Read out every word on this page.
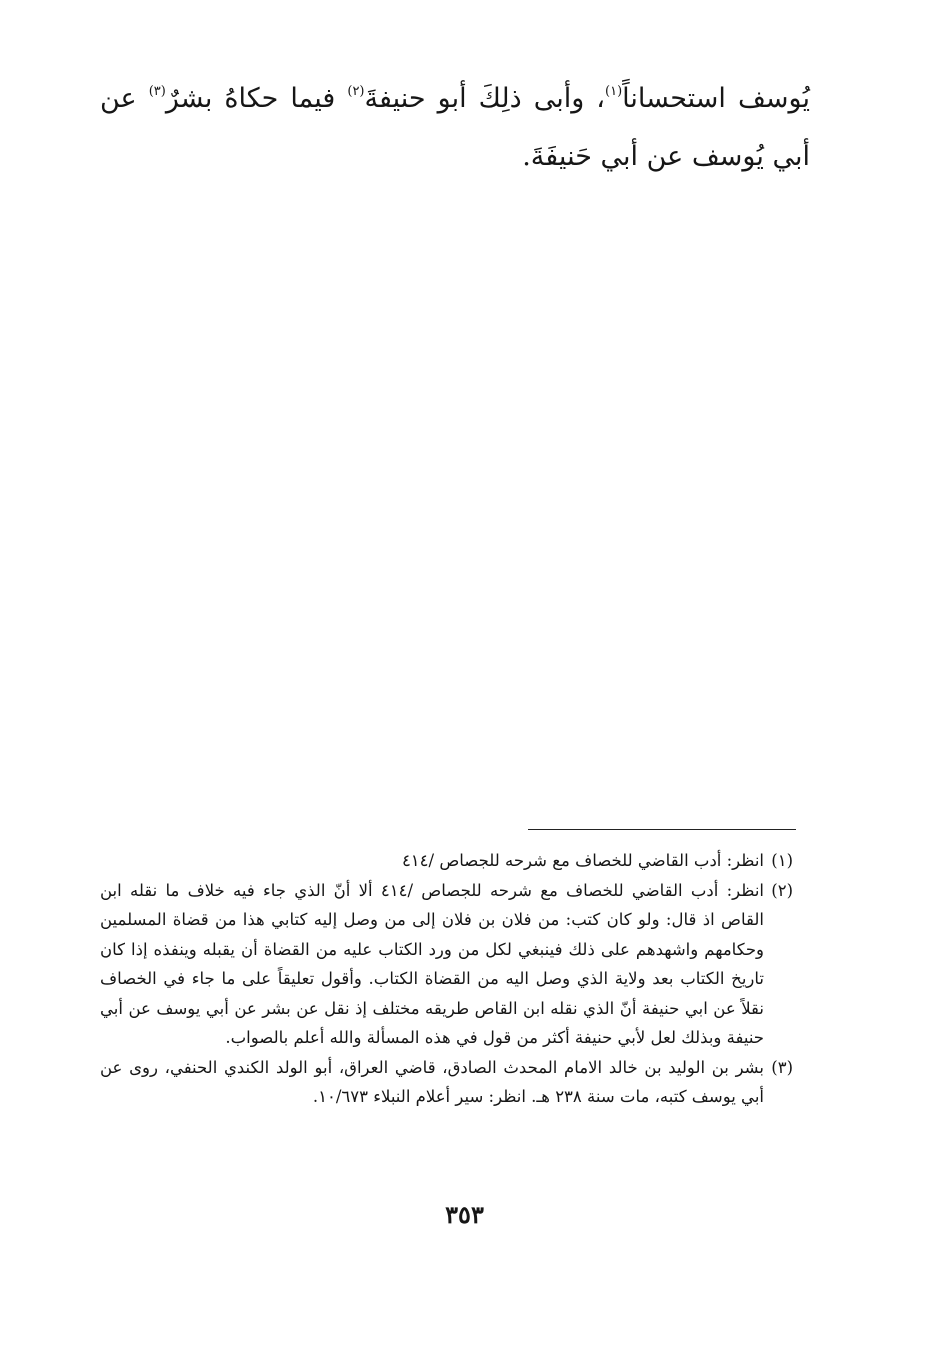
يُوسف استحساناً$^{(١)}$، وأبى ذلِكَ أبو حنيفةَ$^{(٢)}$ فيما حكاهُ بشرٌ$^{(٣)}$ عن أبي يُوسف عن أبي حَنيفَةَ.

(١)
انظر: أدب القاضي للخصاف مع شرحه للجصاص /٤١٤
(٢)
انظر: أدب القاضي للخصاف مع شرحه للجصاص /٤١٤ ألا أنّ الذي جاء فيه خلاف ما نقله ابن القاص اذ قال: ولو كان كتب: من فلان بن فلان إلى من وصل إليه كتابي هذا من قضاة المسلمين وحكامهم واشهدهم على ذلك فينبغي لكل من ورد الكتاب عليه من القضاة أن يقبله وينفذه إذا كان تاريخ الكتاب بعد ولاية الذي وصل اليه من القضاة الكتاب. وأقول تعليقاً على ما جاء في الخصاف نقلاً عن ابي حنيفة أنّ الذي نقله ابن القاص طريقه مختلف إذ نقل عن بشر عن أبي يوسف عن أبي حنيفة وبذلك لعل لأبي حنيفة أكثر من قول في هذه المسألة والله أعلم بالصواب.
(٣)
بشر بن الوليد بن خالد الامام المحدث الصادق، قاضي العراق، أبو الولد الكندي الحنفي، روى عن أبي يوسف كتبه، مات سنة ٢٣٨ هـ. انظر: سير أعلام النبلاء ١٠/٦٧٣.
٣٥٣
